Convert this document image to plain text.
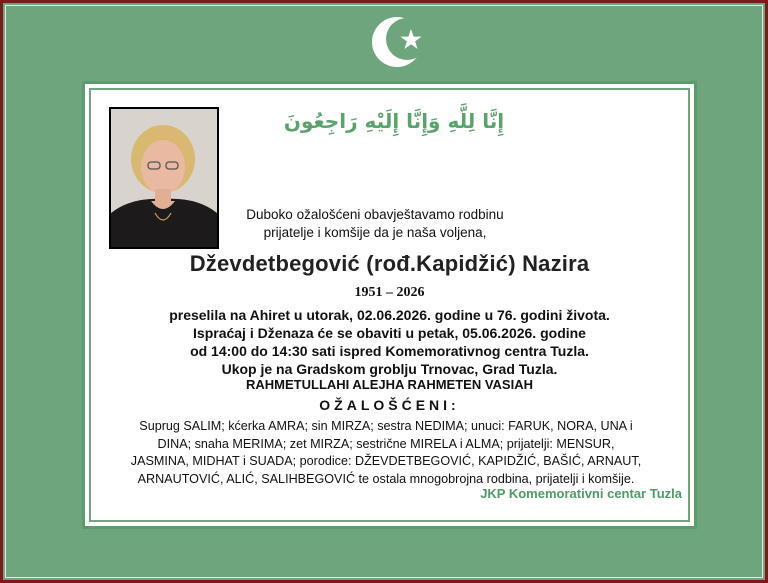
إِنَّا لِلَّهِ وَإِنَّا إِلَيْهِ رَاجِعُونَ
Duboko ožalošćeni obavještavamo rodbinu
prijatelje i komšije da je naša voljena,
Dževdetbegović (rođ.Kapidžić) Nazira
1951 – 2026
preselila na Ahiret u utorak, 02.06.2026. godine u 76. godini života.
Ispraćaj i Dženaza će se obaviti u petak, 05.06.2026. godine
od 14:00 do 14:30 sati ispred Komemorativnog centra Tuzla.
Ukop je na Gradskom groblju Trnovac, Grad Tuzla.
RAHMETULLAHI ALEJHA RAHMETEN VASIAH
OŽALOŠĆENI:
Suprug SALIM; kćerka AMRA; sin MIRZA; sestra NEDIMA; unuci: FARUK, NORA, UNA i
DINA; snaha MERIMA; zet MIRZA; sestrične MIRELA i ALMA; prijatelji: MENSUR,
JASMINA, MIDHAT i SUADA; porodice: DŽEVDETBEGOVIĆ, KAPIDŽIĆ, BAŠIĆ, ARNAUT,
ARNAUTOVIĆ, ALIĆ, SALIHBEGOVIĆ te ostala mnogobrojna rodbina, prijatelji i komšije.
JKP Komemorativni centar Tuzla
